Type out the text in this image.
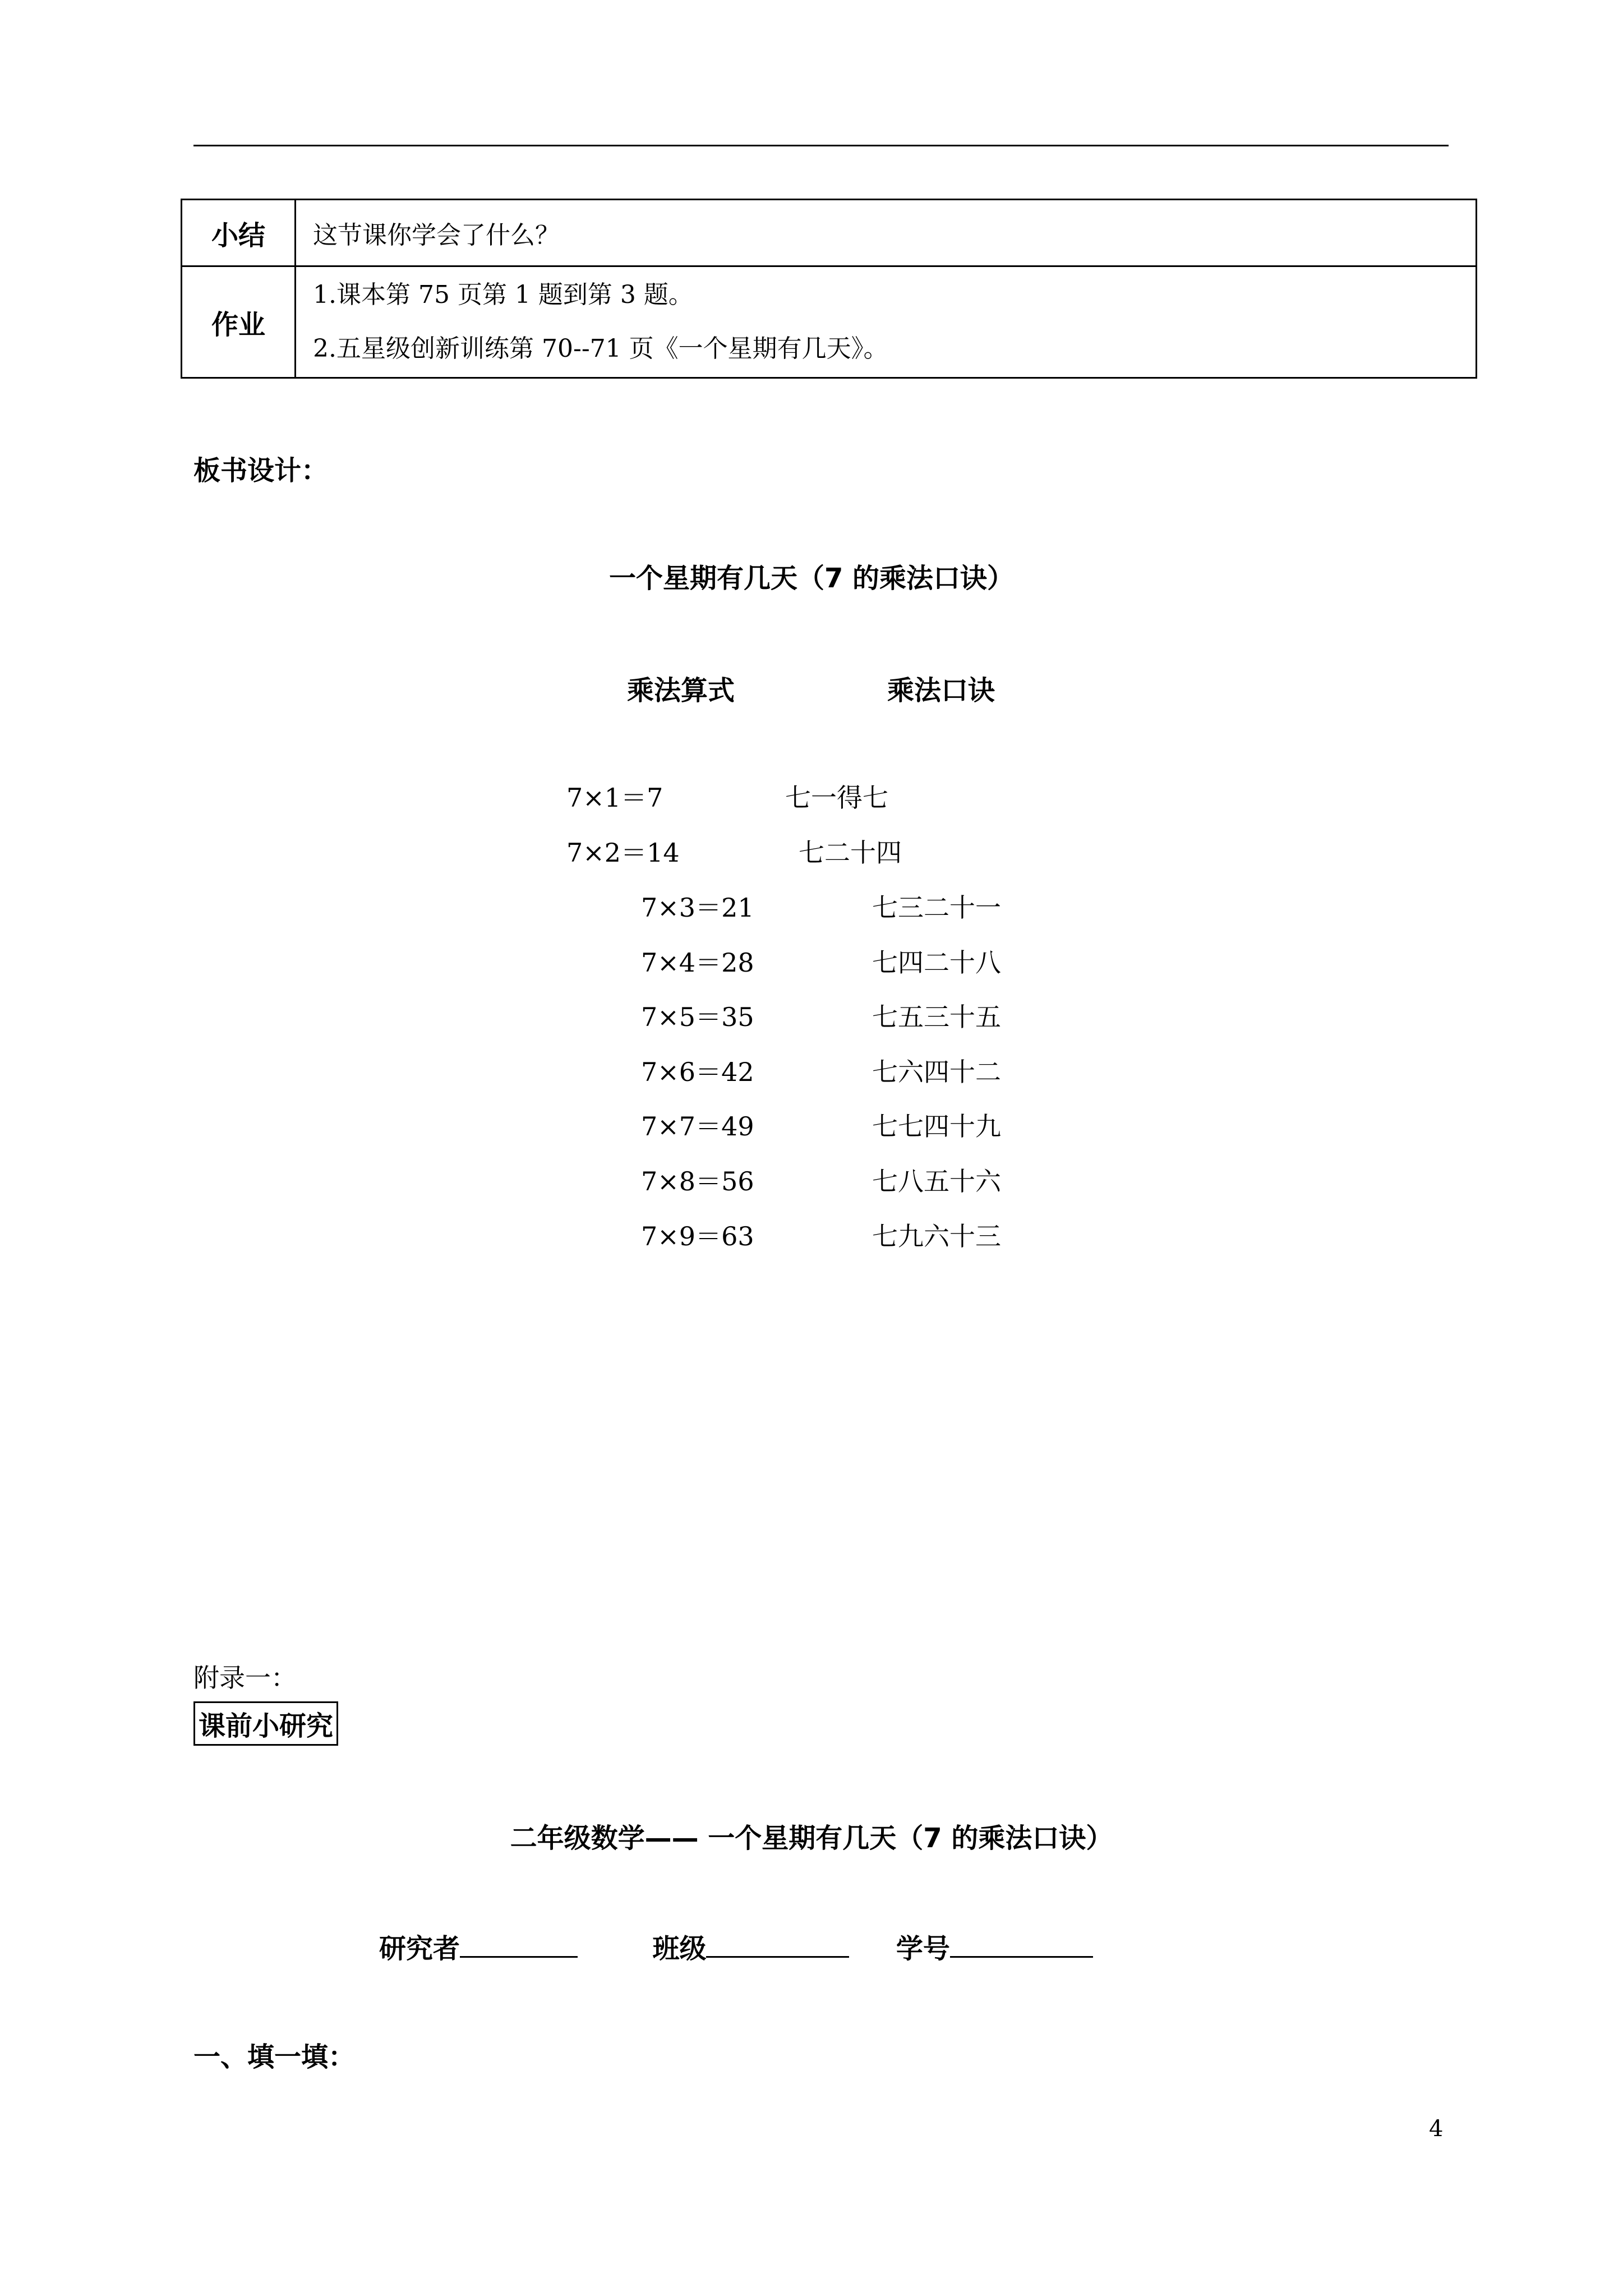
小结	这节课你学会了什么？
作业	1.课本第 75 页第 1 题到第 3 题。
2.五星级创新训练第 70--71 页《一个星期有几天》。
板书设计：
一个星期有几天（7 的乘法口诀）
乘法算式	乘法口诀
7×1＝7	七一得七
7×2＝14	七二十四
7×3＝21	七三二十一
7×4＝28	七四二十八
7×5＝35	七五三十五
7×6＝42	七六四十二
7×7＝49	七七四十九
7×8＝56	七八五十六
7×9＝63	七九六十三
附录一：
课前小研究
二年级数学—— 一个星期有几天（7 的乘法口诀）
研究者	班级	学号
一、填一填：
4
